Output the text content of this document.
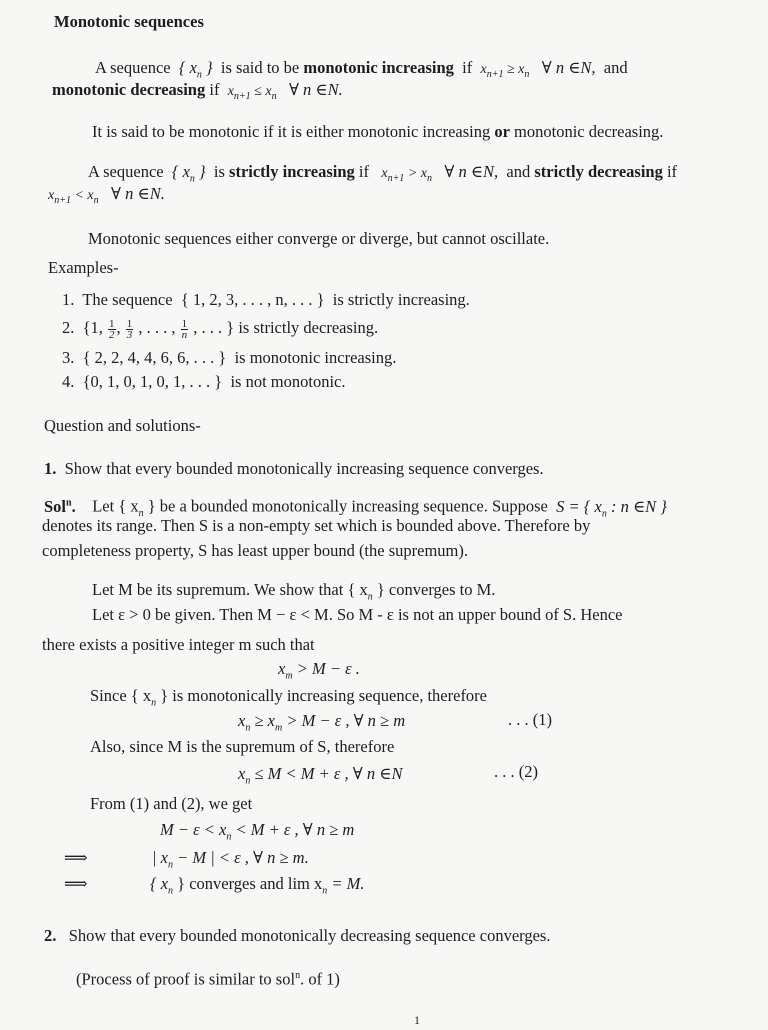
Monotonic sequences
A sequence { $x_n$ } is said to be monotonic increasing if $x_{n+1} \ge x_n$ ∀ n ∈N, and
monotonic decreasing if $x_{n+1} \le x_n$ ∀ n ∈N.
It is said to be monotonic if it is either monotonic increasing or monotonic decreasing.
A sequence { $x_n$ } is strictly increasing if $x_{n+1} > x_n$ ∀ n ∈N, and strictly decreasing if
$x_{n+1} < x_n$ ∀ n ∈N.
Monotonic sequences either converge or diverge, but cannot oscillate.
Examples-
1. The sequence { 1, 2, 3, . . . , n, . . . } is strictly increasing.
2. {1, $\frac{1}{2}$ , $\frac{1}{3}$ , . . . , $\frac{1}{n}$ , . . . } is strictly decreasing.
3. { 2, 2, 4, 4, 6, 6, . . . } is monotonic increasing.
4. {0, 1, 0, 1, 0, 1, . . . } is not monotonic.
Question and solutions-
1. Show that every bounded monotonically increasing sequence converges.
Sol$^n$. Let { $x_n$ } be a bounded monotonically increasing sequence. Suppose S = { $x_n$ : n ∈N }
denotes its range. Then S is a non-empty set which is bounded above. Therefore by
completeness property, S has least upper bound (the supremum).
Let M be its supremum. We show that { $x_n$ } converges to M.
Let ε > 0 be given. Then M − ε < M. So M - ε is not an upper bound of S. Hence
there exists a positive integer m such that
$x_m > M - \varepsilon$ .
Since { $x_n$ } is monotonically increasing sequence, therefore
$x_n \ge x_m > M - \varepsilon$ , ∀ n ≥ m	. . . (1)
Also, since M is the supremum of S, therefore
$x_n \le M < M + \varepsilon$ , ∀ n ∈N	. . . (2)
From (1) and (2), we get
$M - \varepsilon < x_n < M + \varepsilon$ , ∀ n ≥ m
⟹	| $x_n - M$ | < ε , ∀ n ≥ m.
⟹	{ $x_n$ } converges and $\lim x_n = M$.
2. Show that every bounded monotonically decreasing sequence converges.
(Process of proof is similar to sol$^n$. of 1)
1
